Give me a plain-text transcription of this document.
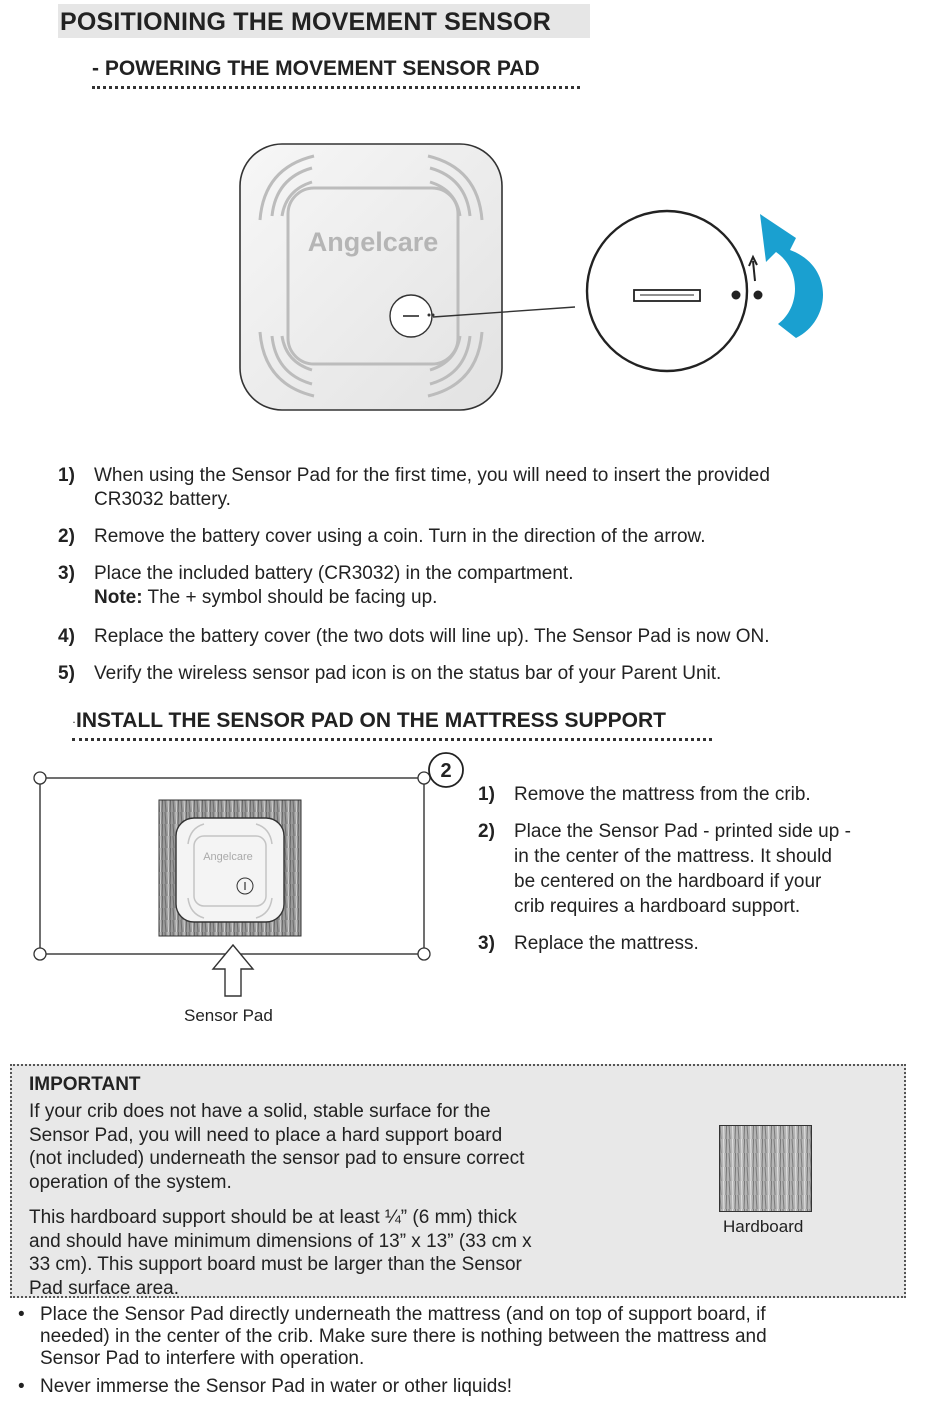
POSITIONING THE MOVEMENT SENSOR
- POWERING THE MOVEMENT SENSOR PAD
Angelcare
1) When using the Sensor Pad for the first time, you will need to insert the provided
CR3032 battery.
2) Remove the battery cover using a coin. Turn in the direction of the arrow.
3) Place the included battery (CR3032) in the compartment.
Note: The + symbol should be facing up.
4) Replace the battery cover (the two dots will line up). The Sensor Pad is now ON.
5) Verify the wireless sensor pad icon is on the status bar of your Parent Unit.
·INSTALL THE SENSOR PAD ON THE MATTRESS SUPPORT
2
Angelcare
Sensor Pad
1) Remove the mattress from the crib.
2) Place the Sensor Pad - printed side up -
in the center of the mattress. It should
be centered on the hardboard if your
crib requires a hardboard support.
3) Replace the mattress.
IMPORTANT
If your crib does not have a solid, stable surface for the
Sensor Pad, you will need to place a hard support board
(not included) underneath the sensor pad to ensure correct
operation of the system.
This hardboard support should be at least ¼” (6 mm) thick
and should have minimum dimensions of 13” x 13” (33 cm x
33 cm). This support board must be larger than the Sensor
Pad surface area.
Hardboard
• Place the Sensor Pad directly underneath the mattress (and on top of support board, if
needed) in the center of the crib. Make sure there is nothing between the mattress and
Sensor Pad to interfere with operation.
• Never immerse the Sensor Pad in water or other liquids!
